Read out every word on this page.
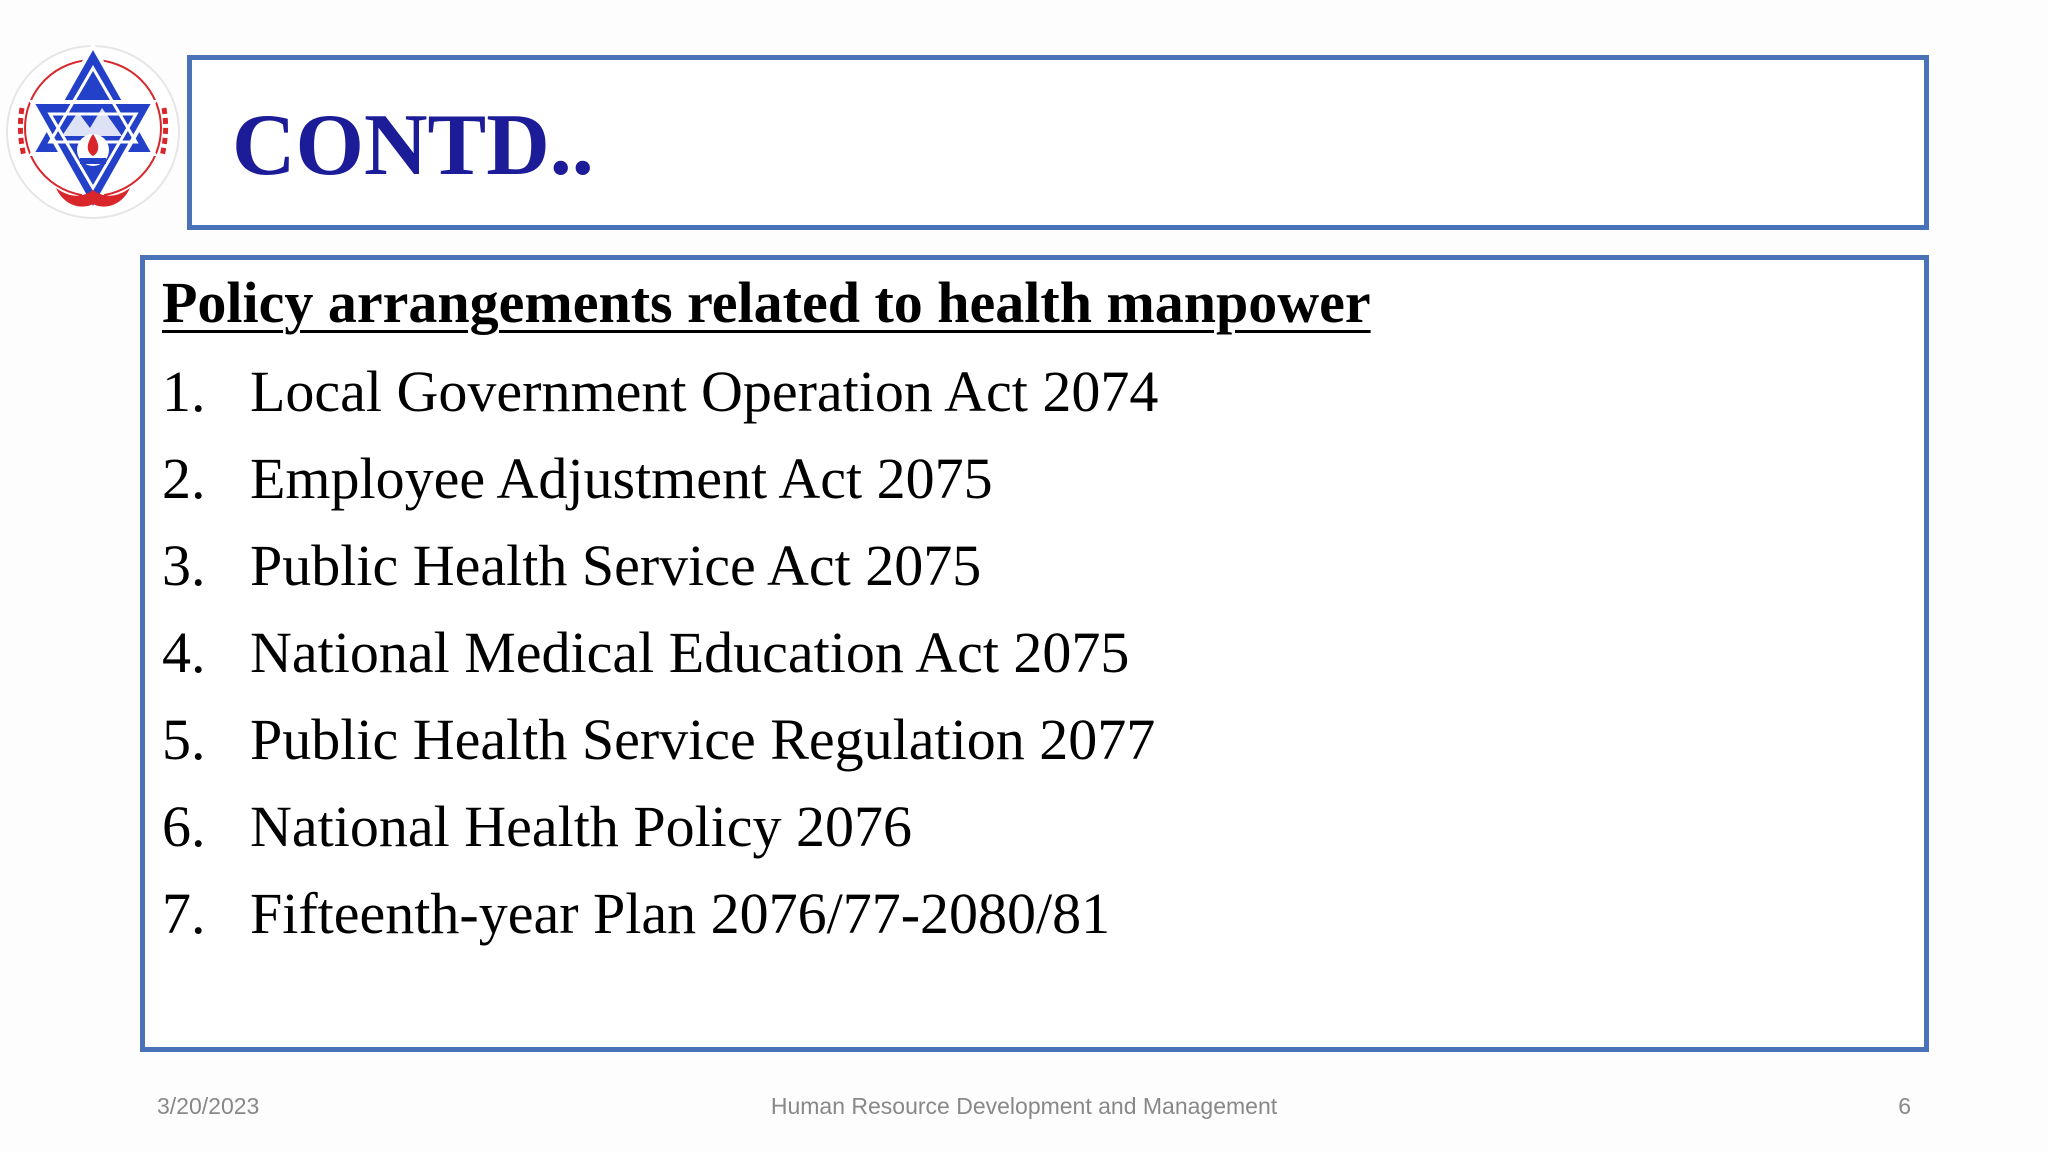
CONTD..
Policy arrangements related to health manpower
1. Local Government Operation Act 2074
2. Employee Adjustment Act 2075
3. Public Health Service Act 2075
4. National Medical Education Act 2075
5. Public Health Service Regulation 2077
6. National Health Policy 2076
7. Fifteenth-year Plan 2076/77-2080/81
3/20/2023	Human Resource Development and Management	6
